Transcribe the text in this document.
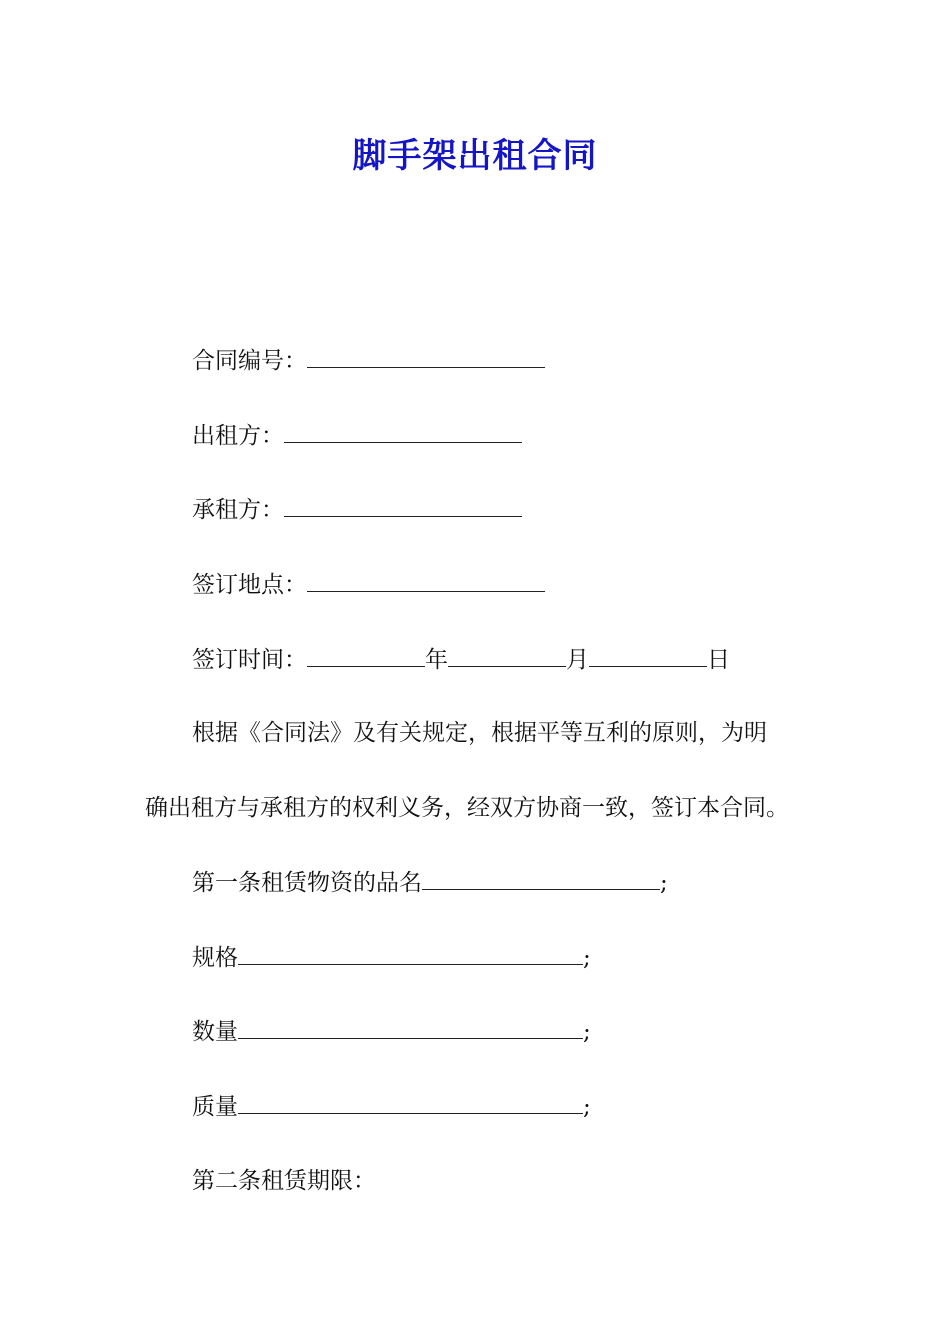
脚手架出租合同
合同编号：
出租方：
承租方：
签订地点：
签订时间：	年	月	日
根据《合同法》及有关规定，根据平等互利的原则，为明
确出租方与承租方的权利义务，经双方协商一致，签订本合同。
第一条租赁物资的品名	;
规格	;
数量	;
质量	;
第二条租赁期限：
